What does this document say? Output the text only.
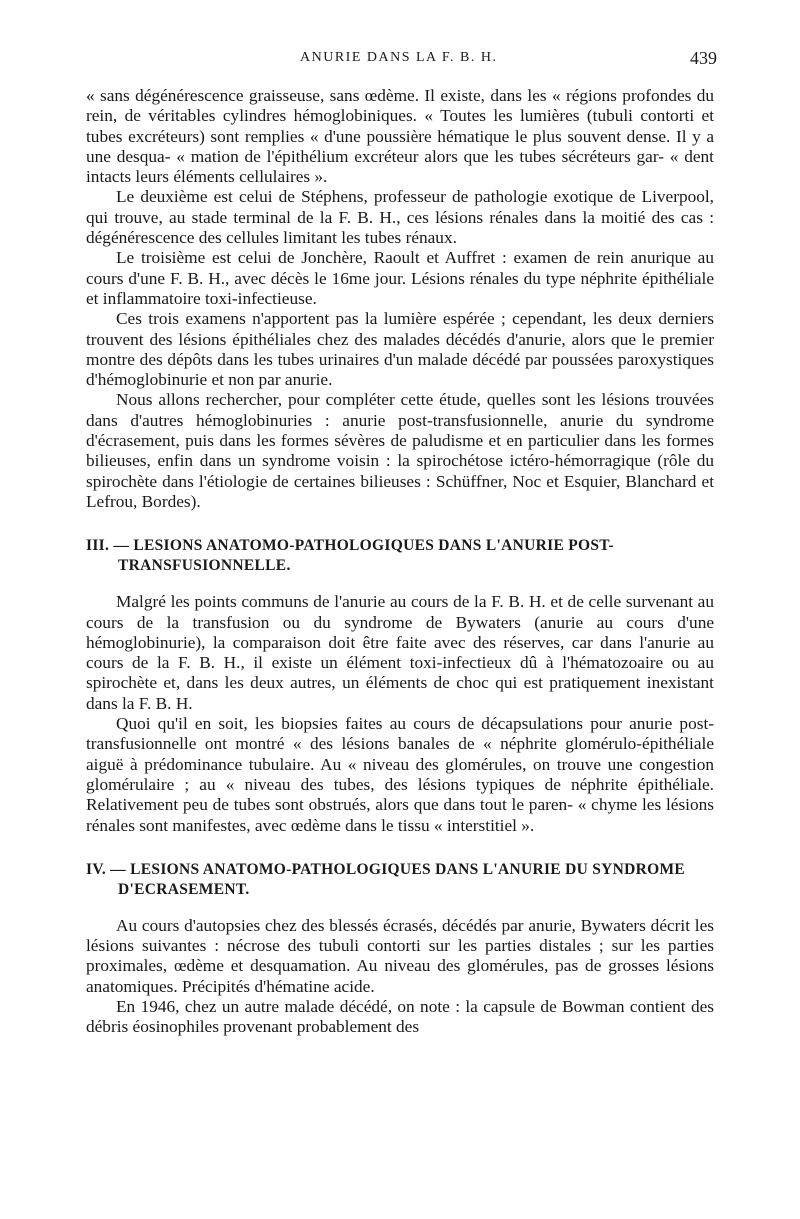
ANURIE DANS LA F. B. H.	439

« sans dégénérescence graisseuse, sans œdème. Il existe, dans les « régions profondes du rein, de véritables cylindres hémoglobiniques. « Toutes les lumières (tubuli contorti et tubes excréteurs) sont remplies « d'une poussière hématique le plus souvent dense. Il y a une desqua- « mation de l'épithélium excréteur alors que les tubes sécréteurs gar- « dent intacts leurs éléments cellulaires ».

Le deuxième est celui de Stéphens, professeur de pathologie exotique de Liverpool, qui trouve, au stade terminal de la F. B. H., ces lésions rénales dans la moitié des cas : dégénérescence des cellules limitant les tubes rénaux.

Le troisième est celui de Jonchère, Raoult et Auffret : examen de rein anurique au cours d'une F. B. H., avec décès le 16me jour. Lésions rénales du type néphrite épithéliale et inflammatoire toxi-infectieuse.

Ces trois examens n'apportent pas la lumière espérée ; cependant, les deux derniers trouvent des lésions épithéliales chez des malades décédés d'anurie, alors que le premier montre des dépôts dans les tubes urinaires d'un malade décédé par poussées paroxystiques d'hémoglobinurie et non par anurie.

Nous allons rechercher, pour compléter cette étude, quelles sont les lésions trouvées dans d'autres hémoglobinuries : anurie post-transfusionnelle, anurie du syndrome d'écrasement, puis dans les formes sévères de paludisme et en particulier dans les formes bilieuses, enfin dans un syndrome voisin : la spirochétose ictéro-hémorragique (rôle du spirochète dans l'étiologie de certaines bilieuses : Schüffner, Noc et Esquier, Blanchard et Lefrou, Bordes).

III. — LESIONS ANATOMO-PATHOLOGIQUES DANS L'ANURIE POST-TRANSFUSIONNELLE.

Malgré les points communs de l'anurie au cours de la F. B. H. et de celle survenant au cours de la transfusion ou du syndrome de Bywaters (anurie au cours d'une hémoglobinurie), la comparaison doit être faite avec des réserves, car dans l'anurie au cours de la F. B. H., il existe un élément toxi-infectieux dû à l'hématozoaire ou au spirochète et, dans les deux autres, un éléments de choc qui est pratiquement inexistant dans la F. B. H.

Quoi qu'il en soit, les biopsies faites au cours de décapsulations pour anurie post-transfusionnelle ont montré « des lésions banales de « néphrite glomérulo-épithéliale aiguë à prédominance tubulaire. Au « niveau des glomérules, on trouve une congestion glomérulaire ; au « niveau des tubes, des lésions typiques de néphrite épithéliale. Relativement peu de tubes sont obstrués, alors que dans tout le paren- « chyme les lésions rénales sont manifestes, avec œdème dans le tissu « interstitiel ».

IV. — LESIONS ANATOMO-PATHOLOGIQUES DANS L'ANURIE DU SYNDROME D'ECRASEMENT.

Au cours d'autopsies chez des blessés écrasés, décédés par anurie, Bywaters décrit les lésions suivantes : nécrose des tubuli contorti sur les parties distales ; sur les parties proximales, œdème et desquamation. Au niveau des glomérules, pas de grosses lésions anatomiques. Précipités d'hématine acide.

En 1946, chez un autre malade décédé, on note : la capsule de Bowman contient des débris éosinophiles provenant probablement des
